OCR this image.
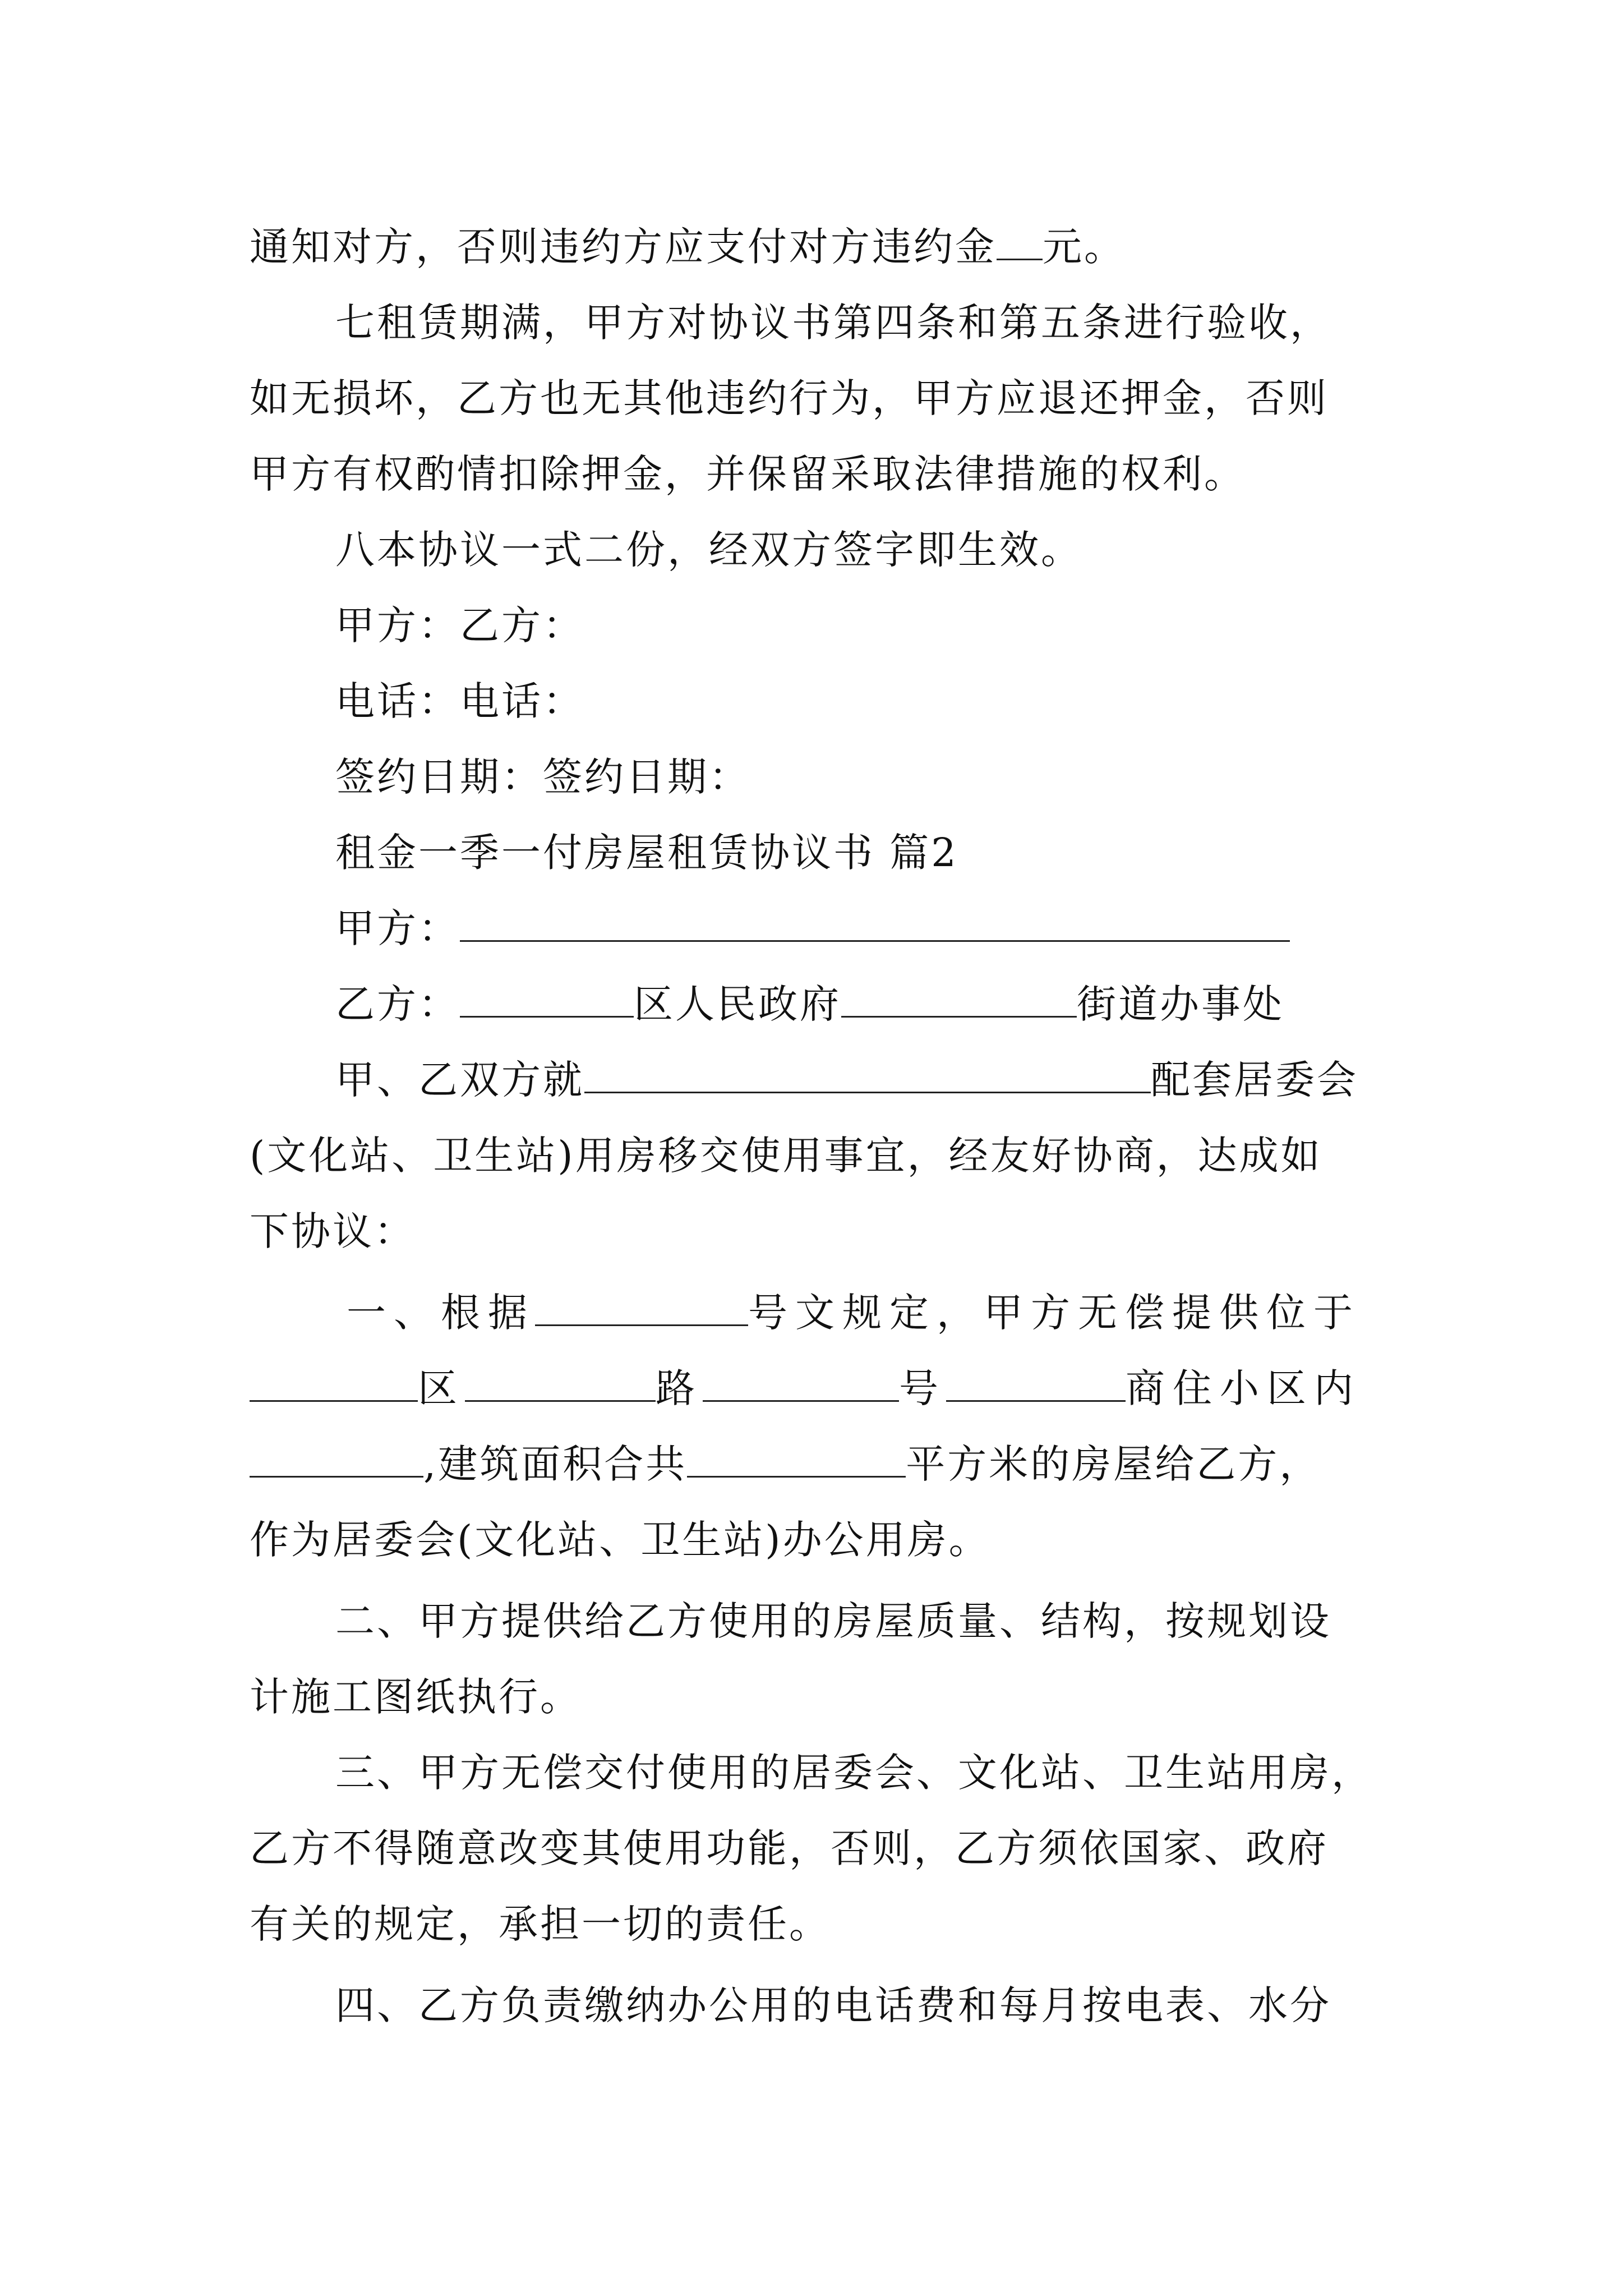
通知对方，否则违约方应支付对方违约金 元。
七租赁期满，甲方对协议书第四条和第五条进行验收，
如无损坏，乙方也无其他违约行为，甲方应退还押金，否则
甲方有权酌情扣除押金，并保留采取法律措施的权利。
八本协议一式二份，经双方签字即生效。
甲方：乙方：
电话：电话：
签约日期：签约日期：
租金一季一付房屋租赁协议书 篇2
甲方：
乙方：	区人民政府	街道办事处
甲、乙双方就	配套居委会
(文化站、卫生站)用房移交使用事宜，经友好协商，达成如
下协议：
一、根据	号文规定，甲方无偿提供位于
区	路	号	商住小区内
,建筑面积合共	平方米的房屋给乙方，
作为居委会(文化站、卫生站)办公用房。
二、甲方提供给乙方使用的房屋质量、结构，按规划设
计施工图纸执行。
三、甲方无偿交付使用的居委会、文化站、卫生站用房，
乙方不得随意改变其使用功能，否则，乙方须依国家、政府
有关的规定，承担一切的责任。
四、乙方负责缴纳办公用的电话费和每月按电表、水分
